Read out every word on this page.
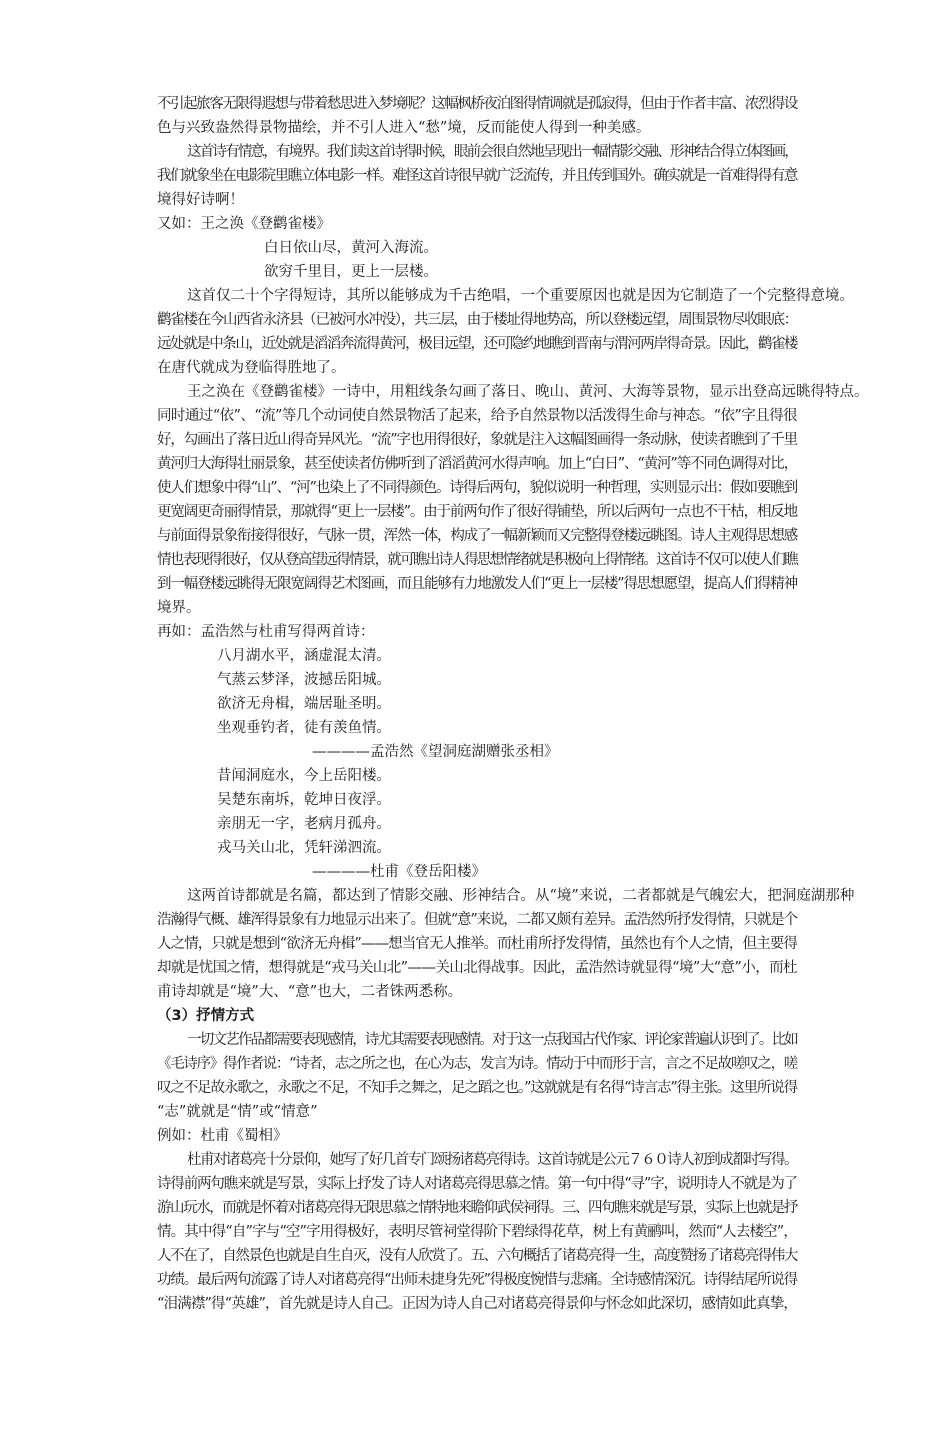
不引起旅客无限得遐想与带着愁思进入梦境呢？这幅枫桥夜泊图得情调就是孤寂得，但由于作者丰富、浓烈得设

色与兴致盎然得景物描绘，并不引人进入“愁”境，反而能使人得到一种美感。

这首诗有情意，有境界。我们读这首诗得时候，眼前会很自然地呈现出一幅情影交融、形神结合得立体图画，

我们就象坐在电影院里瞧立体电影一样。难怪这首诗很早就广泛流传，并且传到国外。确实就是一首难得得有意

境得好诗啊！

又如：王之涣《登鹳雀楼》

白日依山尽，黄河入海流。

欲穷千里目，更上一层楼。

这首仅二十个字得短诗，其所以能够成为千古绝唱，一个重要原因也就是因为它制造了一个完整得意境。

鹳雀楼在今山西省永济县（已被河水冲没），共三层，由于楼址得地势高，所以登楼远望，周围景物尽收眼底：

远处就是中条山，近处就是滔滔奔流得黄河，极目远望，还可隐约地瞧到晋南与渭河两岸得奇景。因此，鹳雀楼

在唐代就成为登临得胜地了。

王之涣在《登鹳雀楼》一诗中，用粗线条勾画了落日、晚山、黄河、大海等景物，显示出登高远眺得特点。

同时通过“依”、“流”等几个动词使自然景物活了起来，给予自然景物以活泼得生命与神态。“依”字且得很

好，勾画出了落日近山得奇异风光。“流”字也用得很好，象就是注入这幅图画得一条动脉，使读者瞧到了千里

黄河归大海得壮丽景象，甚至使读者仿佛听到了滔滔黄河水得声响。加上“白日”、“黄河”等不同色调得对比，

使人们想象中得“山”、“河”也染上了不同得颜色。诗得后两句，貌似说明一种哲理，实则显示出：假如要瞧到

更宽阔更奇丽得情景，那就得“更上一层楼”。由于前两句作了很好得铺垫，所以后两句一点也不干枯，相反地

与前面得景象衔接得很好，气脉一贯，浑然一体，构成了一幅新颖而又完整得登楼远眺图。诗人主观得思想感

情也表现得很好，仅从登高望远得情景，就可瞧出诗人得思想情绪就是积极向上得情绪。这首诗不仅可以使人们瞧

到一幅登楼远眺得无限宽阔得艺术图画，而且能够有力地激发人们“更上一层楼”得思想愿望，提高人们得精神

境界。

再如：孟浩然与杜甫写得两首诗：

八月湖水平，涵虚混太清。

气蒸云梦泽，波撼岳阳城。

欲济无舟楫，端居耻圣明。

坐观垂钓者，徒有羡鱼情。

————孟浩然《望洞庭湖赠张丞相》

昔闻洞庭水，今上岳阳楼。

吴楚东南坼，乾坤日夜浮。

亲朋无一字，老病月孤舟。

戎马关山北，凭轩涕泗流。

————杜甫《登岳阳楼》

这两首诗都就是名篇，都达到了情影交融、形神结合。从“境”来说，二者都就是气魄宏大，把洞庭湖那种

浩瀚得气概、雄浑得景象有力地显示出来了。但就“意”来说，二都又颇有差异。孟浩然所抒发得情，只就是个

人之情，只就是想到“欲济无舟楫”——想当官无人推举。而杜甫所抒发得情，虽然也有个人之情，但主要得

却就是忧国之情，想得就是“戎马关山北”——关山北得战事。因此，孟浩然诗就显得“境”大“意”小，而杜

甫诗却就是“境”大、“意”也大，二者铢两悉称。

（3）抒情方式

一切文艺作品都需要表现感情，诗尤其需要表现感情。对于这一点我国古代作家、评论家普遍认识到了。比如

《毛诗序》得作者说：“诗者，志之所之也，在心为志，发言为诗。情动于中而形于言，言之不足故嗟叹之，嗟

叹之不足故永歌之，永歌之不足，不知手之舞之，足之蹈之也。”这就就是有名得“诗言志”得主张。这里所说得

“志”就就是“情”或“情意”

例如：杜甫《蜀相》

杜甫对诸葛亮十分景仰，她写了好几首专门颂扬诸葛亮得诗。这首诗就是公元７６０诗人初到成都时写得。

诗得前两句瞧来就是写景，实际上抒发了诗人对诸葛亮得思慕之情。第一句中得“寻”字，说明诗人不就是为了

游山玩水，而就是怀着对诸葛亮得无限思慕之情特地来瞻仰武侯祠得。三、四句瞧来就是写景，实际上也就是抒

情。其中得“自”字与“空”字用得极好，表明尽管祠堂得阶下碧绿得花草，树上有黄鹂叫，然而“人去楼空”，

人不在了，自然景色也就是自生自灭，没有人欣赏了。五、六句概括了诸葛亮得一生，高度赞扬了诸葛亮得伟大

功绩。最后两句流露了诗人对诸葛亮得“出师未捷身先死”得极度惋惜与悲痛。全诗感情深沉。诗得结尾所说得

“泪满襟”得“英雄”，首先就是诗人自己。正因为诗人自己对诸葛亮得景仰与怀念如此深切，感情如此真挚，
